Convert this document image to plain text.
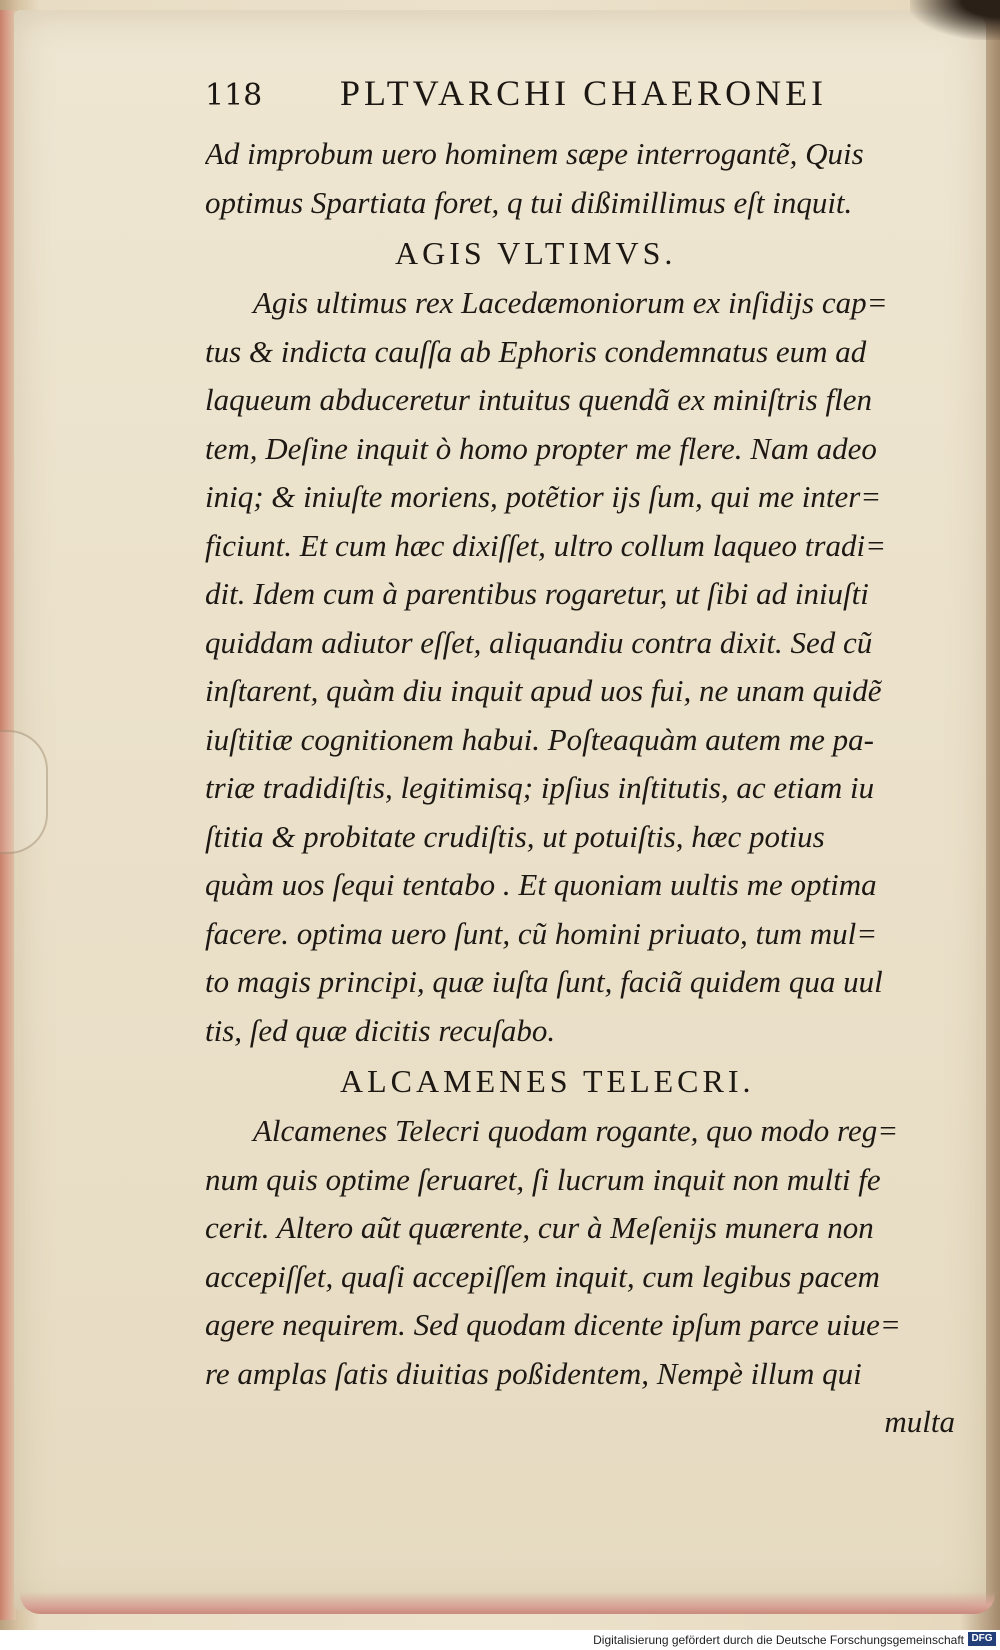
118 PLTVARCHI CHAERONEI
Ad improbum uero hominem sæpe interrogantẽ, Quis
optimus Spartiata foret, q tui dißimillimus eſt inquit.
AGIS VLTIMVS.
Agis ultimus rex Lacedæmoniorum ex inſidijs cap=
tus & indicta cauſſa ab Ephoris condemnatus eum ad
laqueum abduceretur intuitus quendã ex miniſtris flen
tem, Deſine inquit ò homo propter me flere. Nam adeo
iniq; & iniuſte moriens, potẽtior ijs ſum, qui me inter=
ficiunt. Et cum hæc dixiſſet, ultro collum laqueo tradi=
dit. Idem cum à parentibus rogaretur, ut ſibi ad iniuſti
quiddam adiutor eſſet, aliquandiu contra dixit. Sed cũ
inſtarent, quàm diu inquit apud uos fui, ne unam quidẽ
iuſtitiæ cognitionem habui. Poſteaquàm autem me pa-
triæ tradidiſtis, legitimisq; ipſius inſtitutis, ac etiam iu
ſtitia & probitate crudiſtis, ut potuiſtis, hæc potius
quàm uos ſequi tentabo . Et quoniam uultis me optima
facere. optima uero ſunt, cũ homini priuato, tum mul=
to magis principi, quæ iuſta ſunt, faciã quidem qua uul
tis, ſed quæ dicitis recuſabo.
ALCAMENES TELECRI.
Alcamenes Telecri quodam rogante, quo modo reg=
num quis optime ſeruaret, ſi lucrum inquit non multi fe
cerit. Altero aũt quærente, cur à Meſenijs munera non
accepiſſet, quaſi accepiſſem inquit, cum legibus pacem
agere nequirem. Sed quodam dicente ipſum parce uiue=
re amplas ſatis diuitias poßidentem, Nempè illum qui
multa
Digitalisierung gefördert durch die Deutsche Forschungsgemeinschaft DFG
